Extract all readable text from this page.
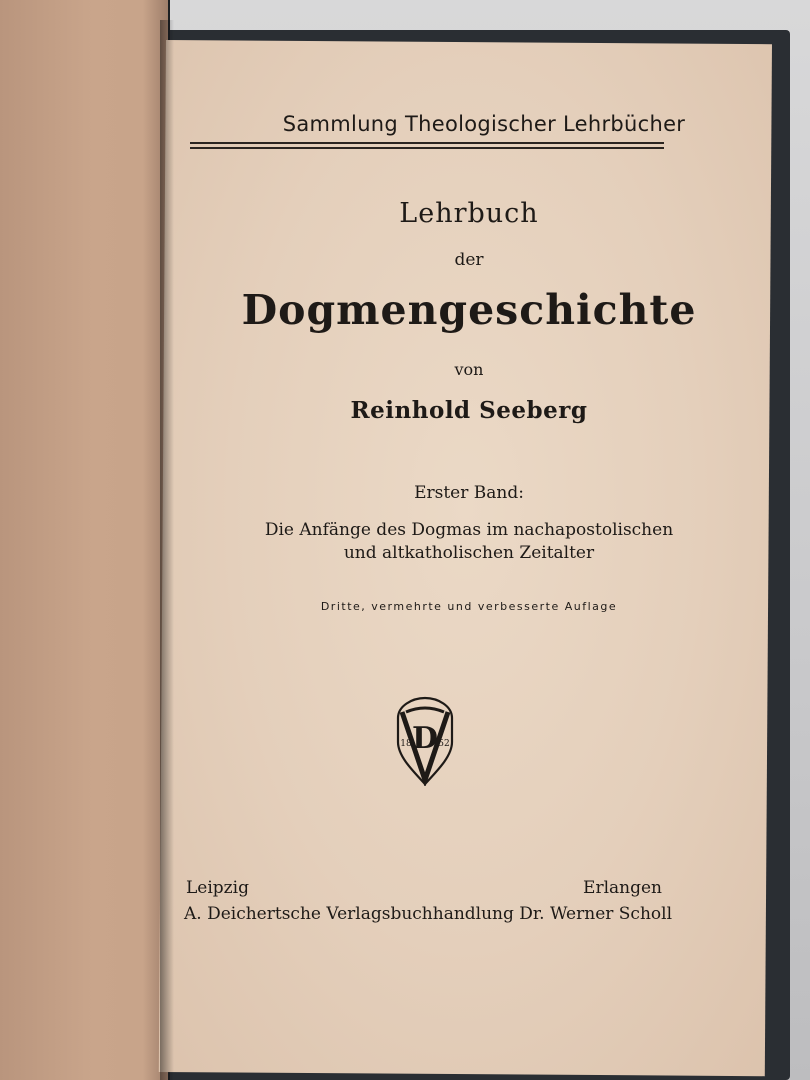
Sammlung Theologischer Lehrbücher
Lehrbuch
der
Dogmengeschichte
von
Reinhold Seeberg
Erster Band:
Die Anfänge des Dogmas im nachapostolischen
und altkatholischen Zeitalter
Dritte, vermehrte und verbesserte Auflage
D
18	52
Leipzig	Erlangen
A. Deichertsche Verlagsbuchhandlung Dr. Werner Scholl
